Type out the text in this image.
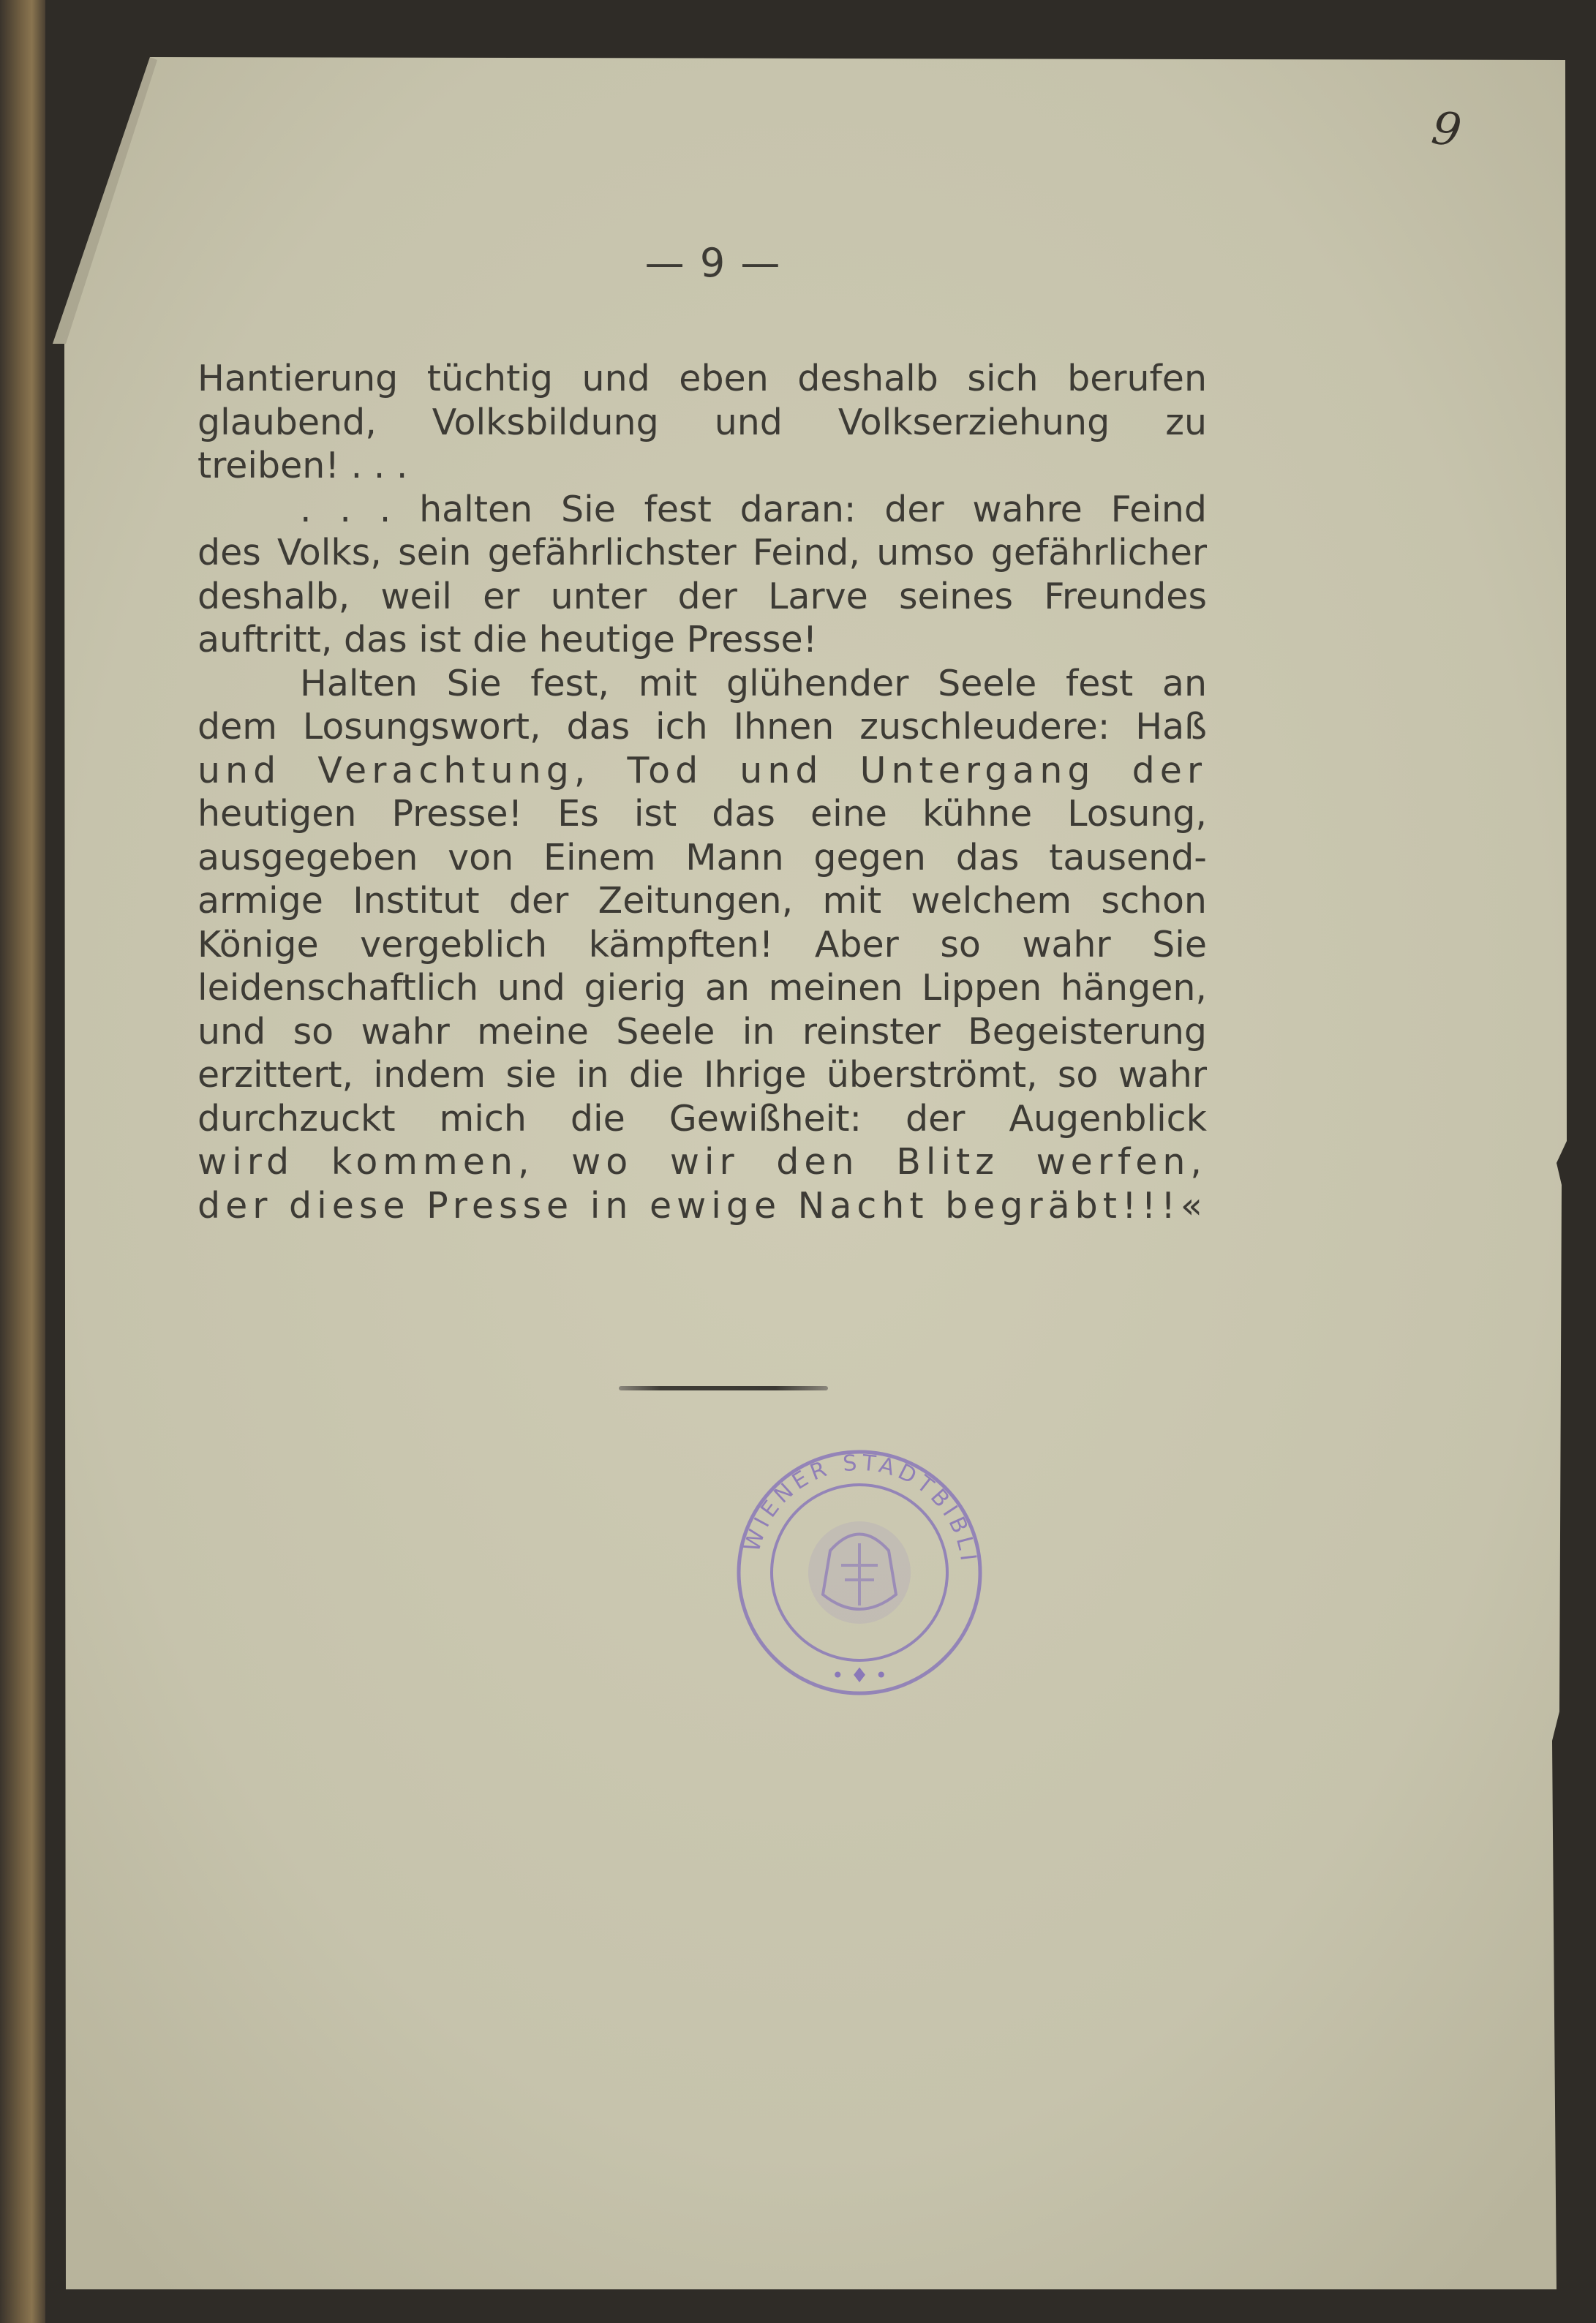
WIENER STADTBIBLI
• ♦ •
9
— 9 —
Hantierung tüchtig und eben deshalb sich berufen
glaubend, Volksbildung und Volkserziehung zu
treiben! . . .
. . . halten Sie fest daran: der wahre Feind
des Volks, sein gefährlichster Feind, umso gefährlicher
deshalb, weil er unter der Larve seines Freundes
auftritt, das ist die heutige Presse!
Halten Sie fest, mit glühender Seele fest an
dem Losungswort, das ich Ihnen zuschleudere: Haß
und Verachtung, Tod und Untergang der
heutigen Presse! Es ist das eine kühne Losung,
ausgegeben von Einem Mann gegen das tausend-
armige Institut der Zeitungen, mit welchem schon
Könige vergeblich kämpften! Aber so wahr Sie
leidenschaftlich und gierig an meinen Lippen hängen,
und so wahr meine Seele in reinster Begeisterung
erzittert, indem sie in die Ihrige überströmt, so wahr
durchzuckt mich die Gewißheit: der Augenblick
wird kommen, wo wir den Blitz werfen,
der diese Presse in ewige Nacht begräbt!!!«
